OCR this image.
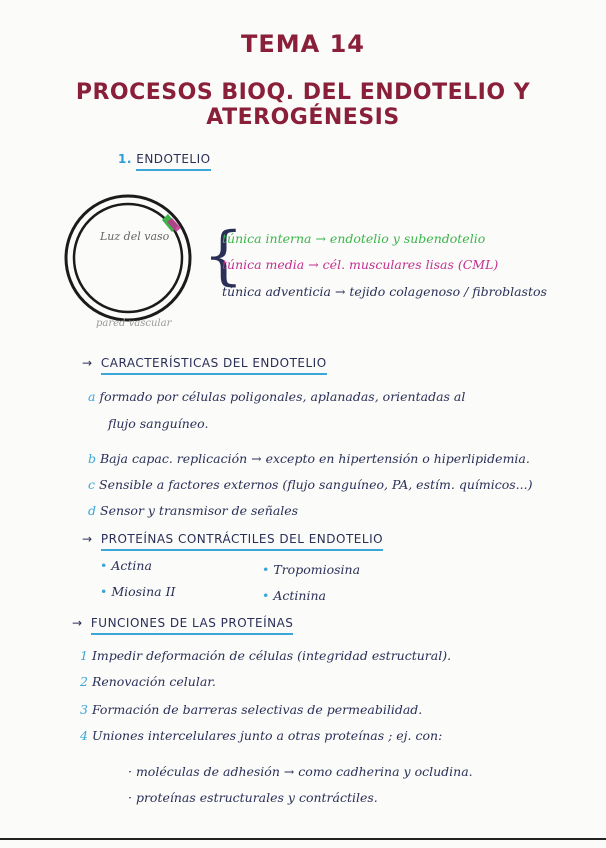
TEMA 14
PROCESOS BIOQ. DEL ENDOTELIO Y ATEROGÉNESIS
1. ENDOTELIO
Luz del vaso
pared vascular
{
túnica interna → endotelio y subendotelio
túnica media → cél. musculares lisas (CML)
túnica adventicia → tejido colagenoso / fibroblastos
→ CARACTERÍSTICAS DEL ENDOTELIO
a formado por células poligonales, aplanadas, orientadas al
flujo sanguíneo.
b Baja capac. replicación → excepto en hipertensión o hiperlipidemia.
c Sensible a factores externos (flujo sanguíneo, PA, estím. químicos...)
d Sensor y transmisor de señales
→ PROTEÍNAS CONTRÁCTILES DEL ENDOTELIO
• Actina
• Miosina II
• Tropomiosina
• Actinina
→ FUNCIONES DE LAS PROTEÍNAS
1 Impedir deformación de células (integridad estructural).
2 Renovación celular.
3 Formación de barreras selectivas de permeabilidad.
4 Uniones intercelulares junto a otras proteínas ; ej. con:
· moléculas de adhesión → como cadherina y ocludina.
· proteínas estructurales y contráctiles.
